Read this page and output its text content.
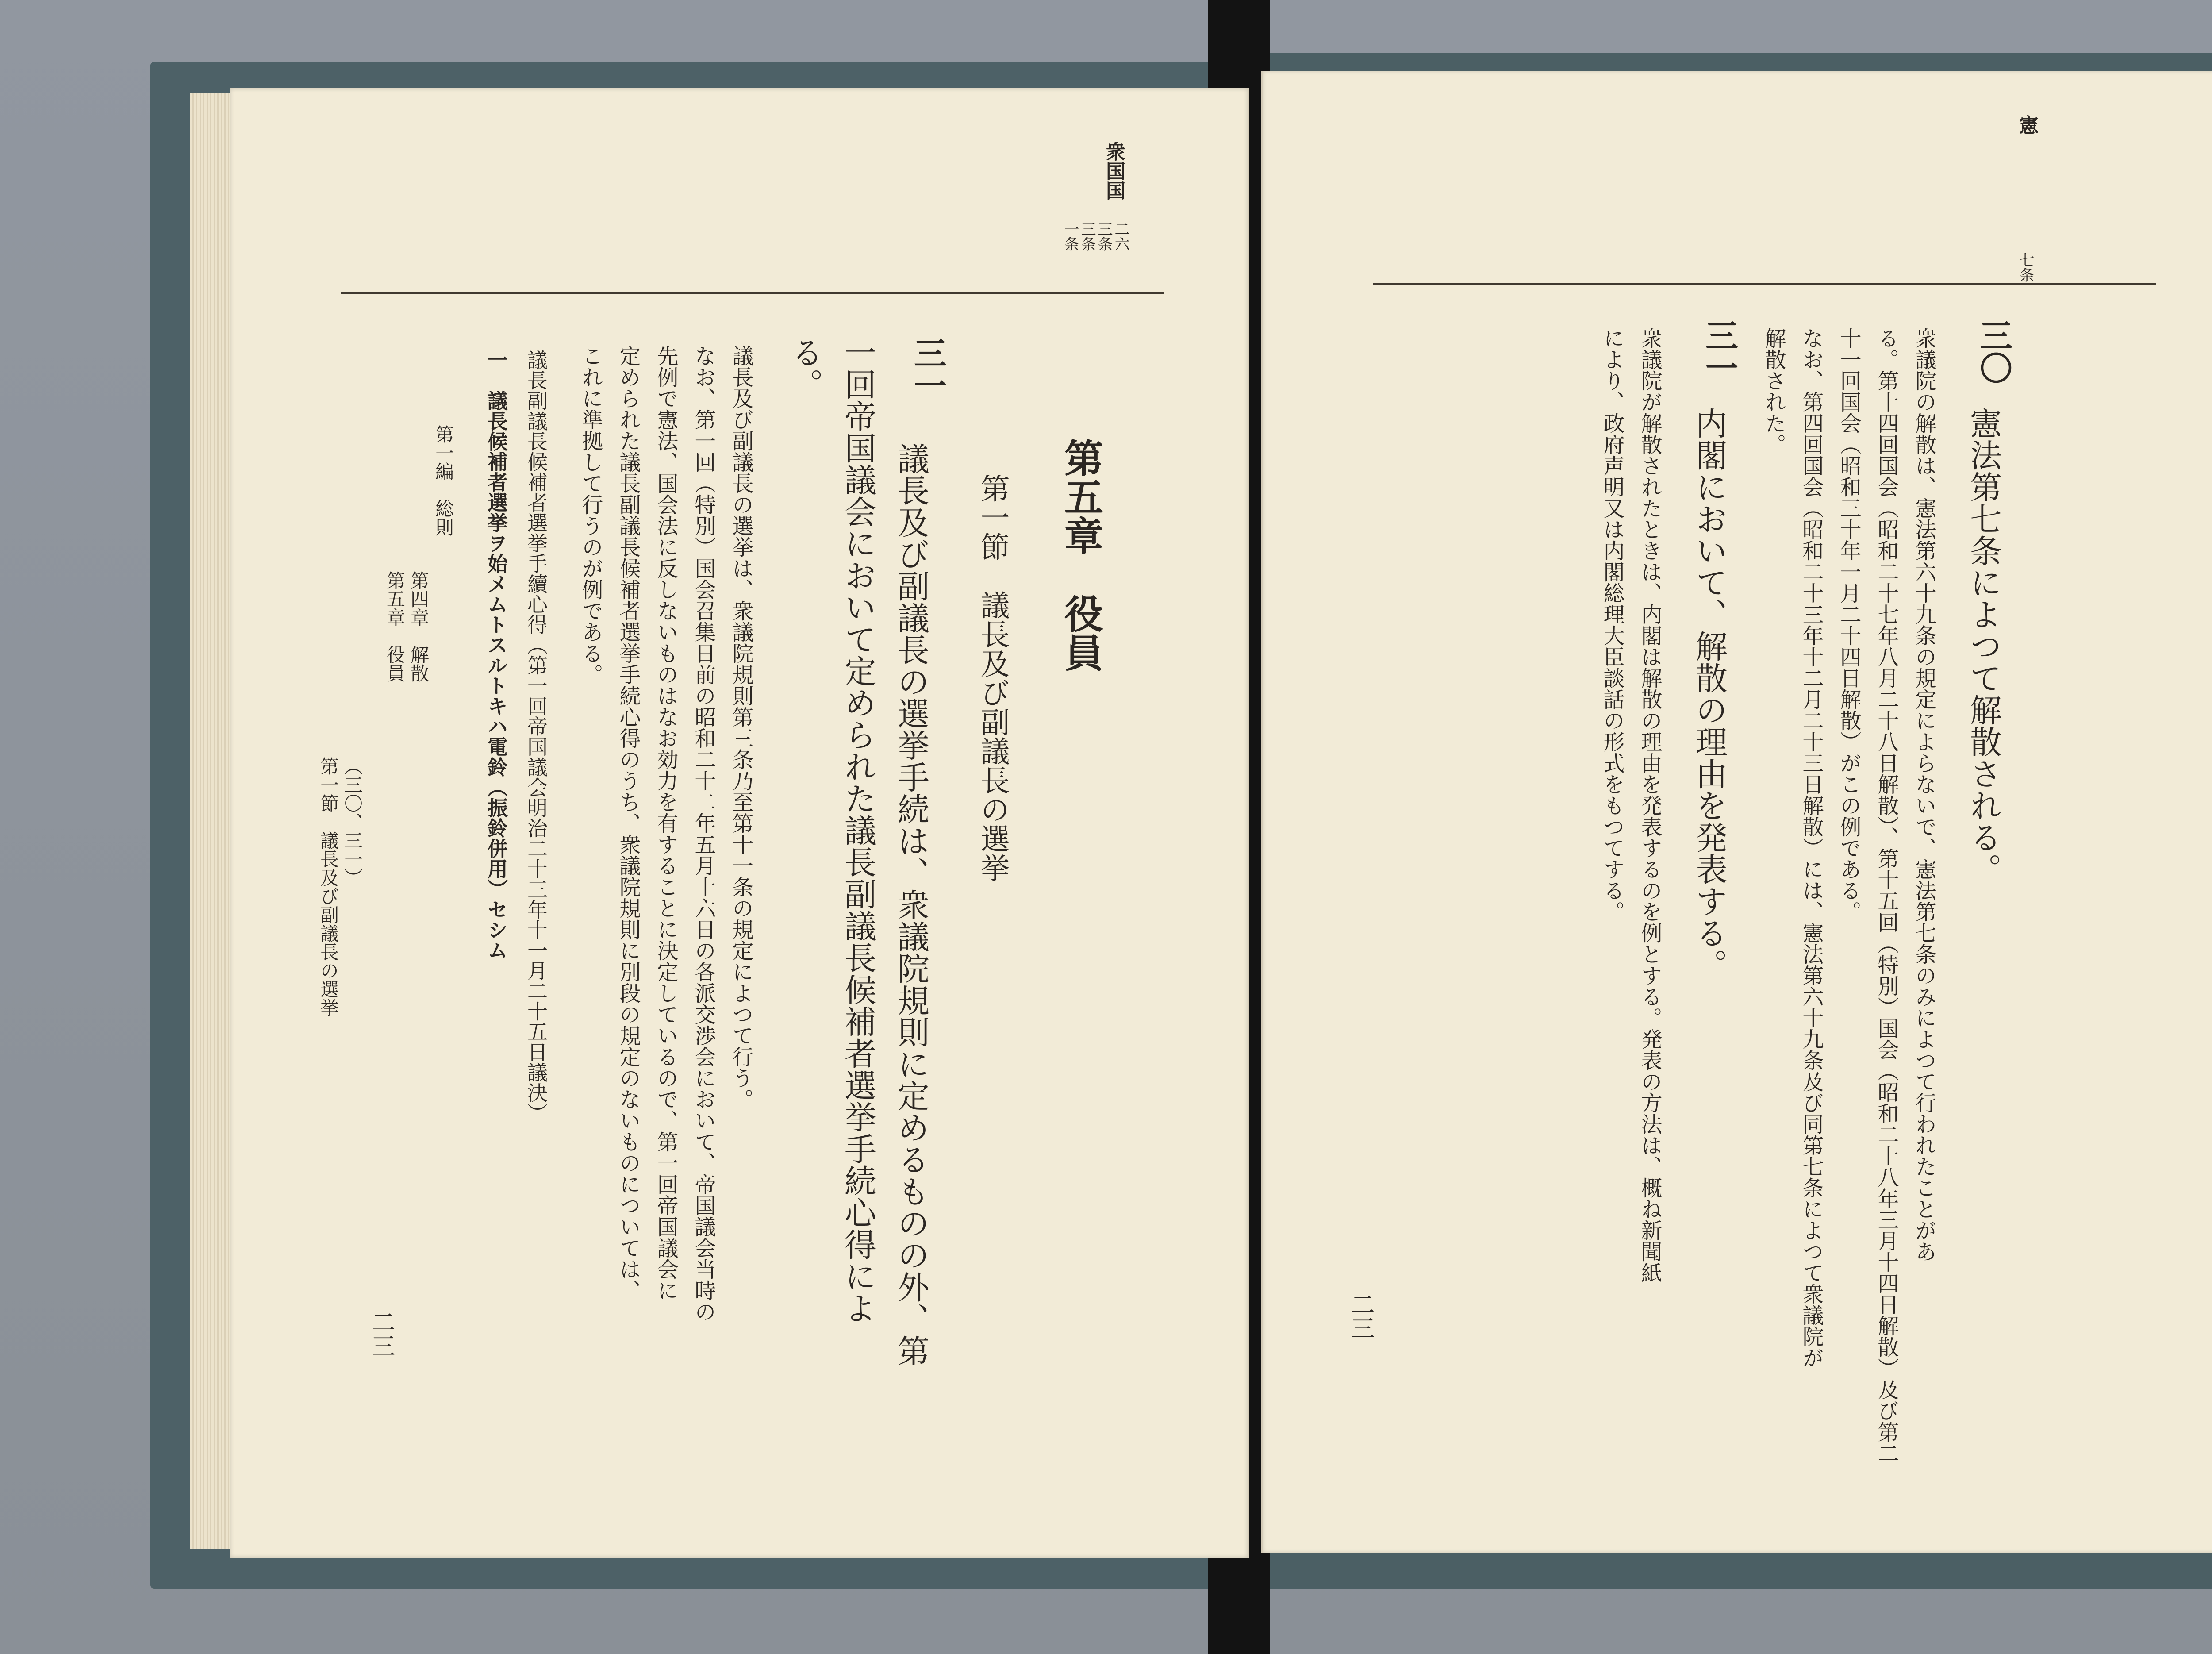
衆国国
二六
三条
三条
一条
第五章　役員
第一節　議長及び副議長の選挙
三一
議長及び副議長の選挙手続は、衆議院規則に定めるものの外、第
一回帝国議会において定められた議長副議長候補者選挙手続心得によ
る。
議長及び副議長の選挙は、衆議院規則第三条乃至第十一条の規定によつて行う。
なお、第一回（特別）国会召集日前の昭和二十二年五月十六日の各派交渉会において、帝国議会当時の
先例で憲法、国会法に反しないものはなお効力を有することに決定しているので、第一回帝国議会に
定められた議長副議長候補者選挙手続心得のうち、衆議院規則に別段の規定のないものについては、
これに準拠して行うのが例である。
議長副議長候補者選挙手續心得（第一回帝国議会明治二十三年十一月二十五日議決）
一　議長候補者選挙ヲ始メムトスルトキハ電鈴（振鈴併用）セシム
第一編　総則
第四章　解散
第五章　役員
（三〇、三一）
第一節　議長及び副議長の選挙
二三
憲
七条
三〇
憲法第七条によつて解散される。
衆議院の解散は、憲法第六十九条の規定によらないで、憲法第七条のみによつて行われたことがあ
る。第十四回国会（昭和二十七年八月二十八日解散）、第十五回（特別）国会（昭和二十八年三月十四日解散）及び第二
十一回国会（昭和三十年一月二十四日解散）がこの例である。
なお、第四回国会（昭和二十三年十二月二十三日解散）には、憲法第六十九条及び同第七条によつて衆議院が
解散された。
三一
内閣において、解散の理由を発表する。
衆議院が解散されたときは、内閣は解散の理由を発表するのを例とする。発表の方法は、概ね新聞紙
により、政府声明又は内閣総理大臣談話の形式をもつてする。
二三
